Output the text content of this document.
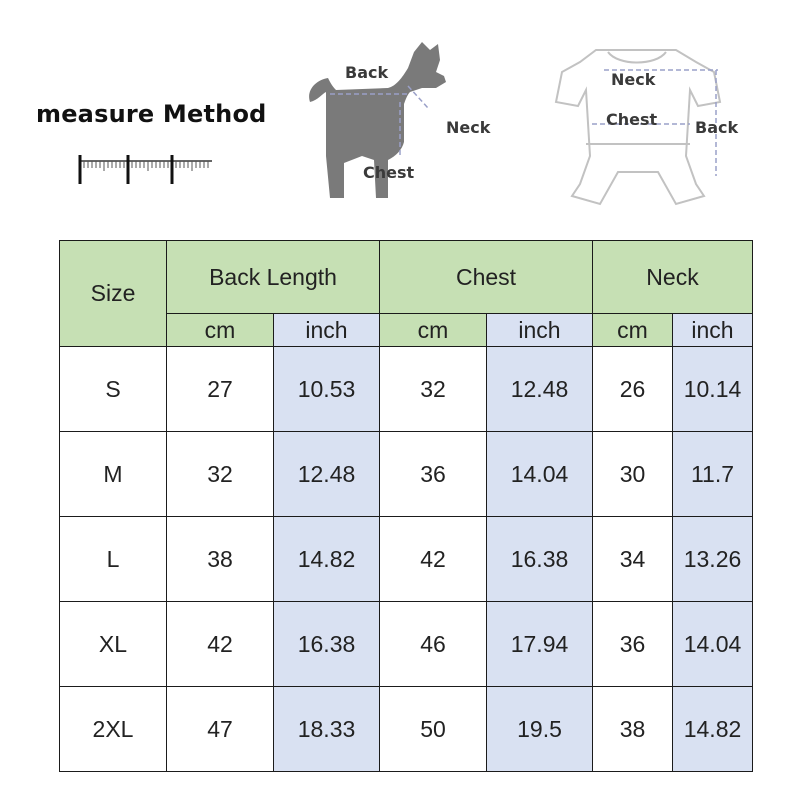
measure Method
Back
Neck
Chest
Neck
Chest Back
Size	Back Length		Chest		Neck	
	cm	inch	cm	inch	cm	inch
S	27	10.53	32	12.48	26	10.14
M	32	12.48	36	14.04	30	11.7
L	38	14.82	42	16.38	34	13.26
XL	42	16.38	46	17.94	36	14.04
2XL	47	18.33	50	19.5	38	14.82
